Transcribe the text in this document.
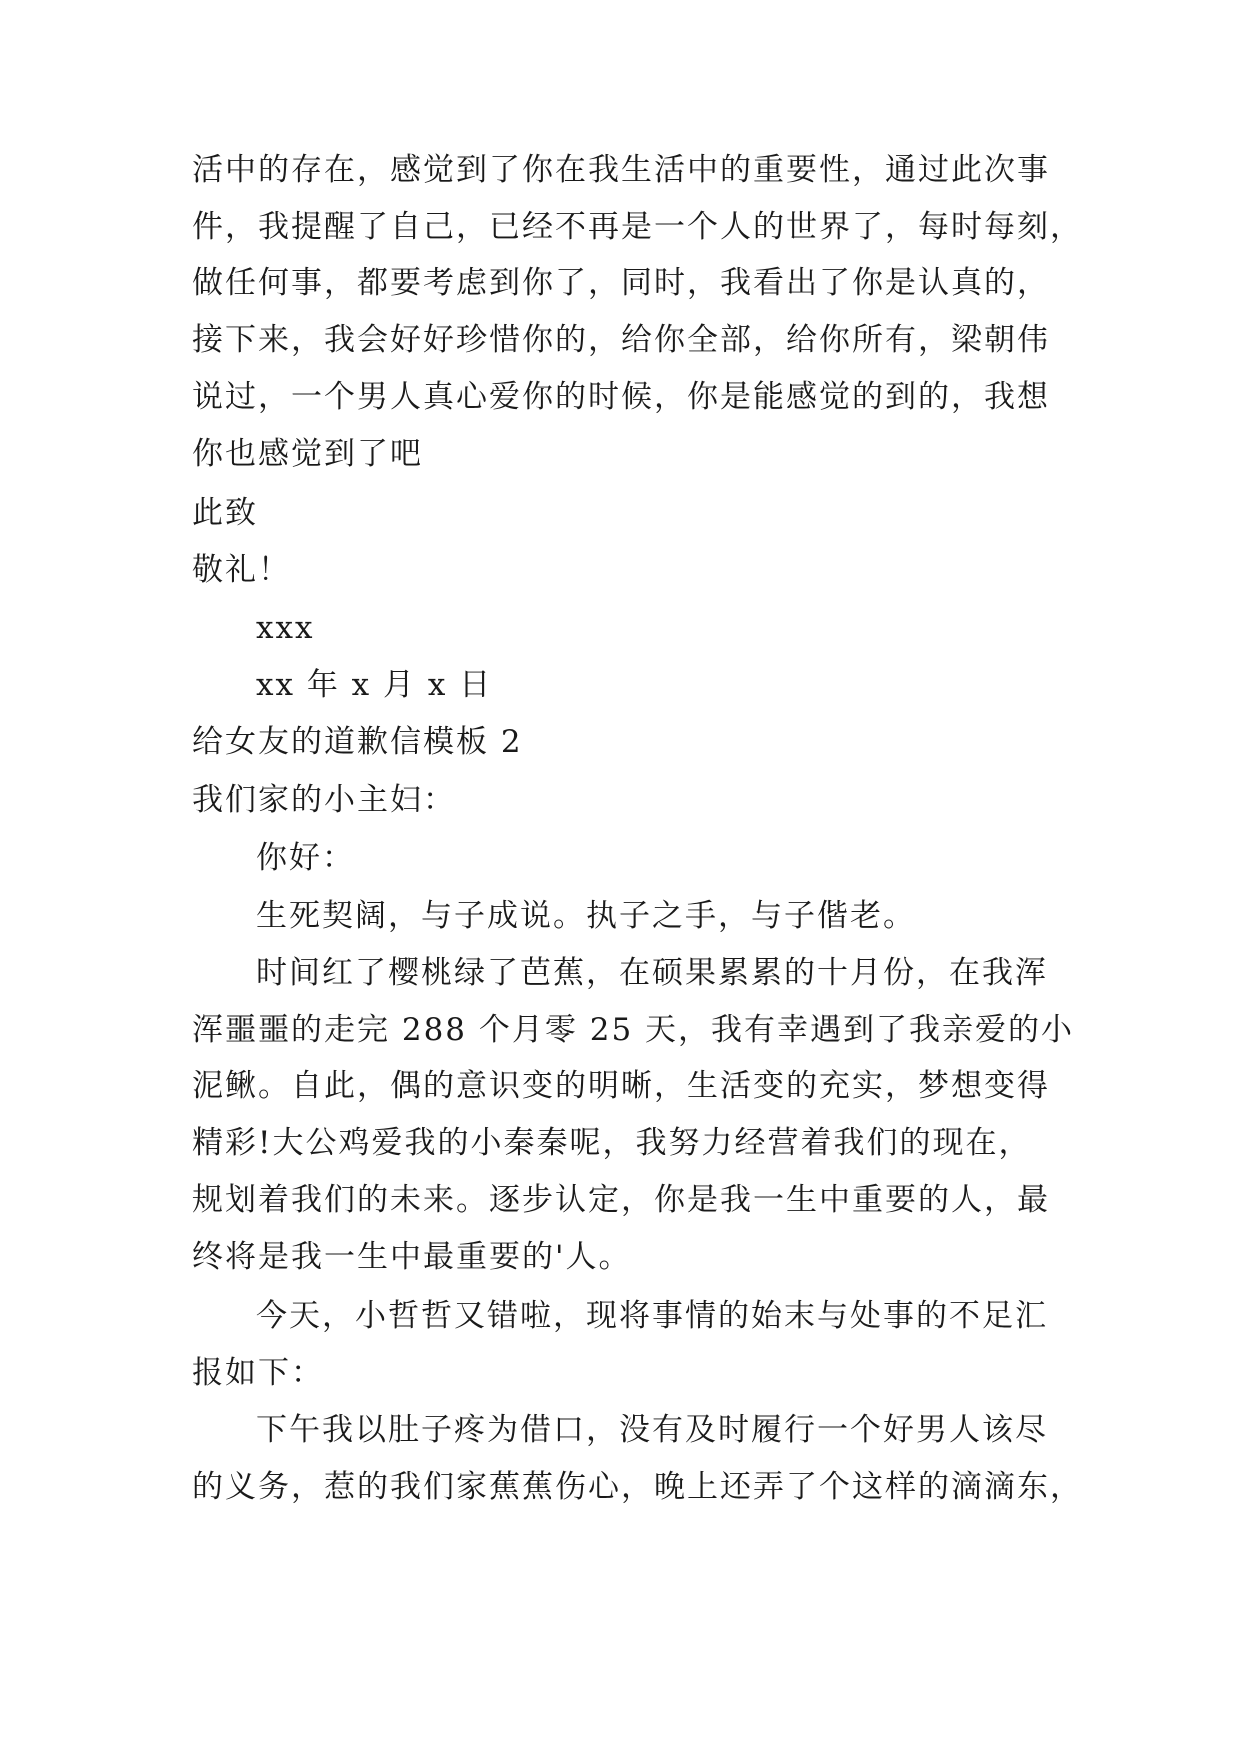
活中的存在，感觉到了你在我生活中的重要性，通过此次事
件，我提醒了自己，已经不再是一个人的世界了，每时每刻，
做任何事，都要考虑到你了，同时，我看出了你是认真的，
接下来，我会好好珍惜你的，给你全部，给你所有，梁朝伟
说过，一个男人真心爱你的时候，你是能感觉的到的，我想
你也感觉到了吧
此致
敬礼！
xxx
xx 年 x 月 x 日
给女友的道歉信模板 2
我们家的小主妇：
你好：
生死契阔，与子成说。执子之手，与子偕老。
时间红了樱桃绿了芭蕉，在硕果累累的十月份，在我浑
浑噩噩的走完 288 个月零 25 天，我有幸遇到了我亲爱的小
泥鳅。自此，偶的意识变的明晰，生活变的充实，梦想变得
精彩!大公鸡爱我的小秦秦呢，我努力经营着我们的现在，
规划着我们的未来。逐步认定，你是我一生中重要的人，最
终将是我一生中最重要的'人。
今天，小哲哲又错啦，现将事情的始末与处事的不足汇
报如下：
下午我以肚子疼为借口，没有及时履行一个好男人该尽
的义务，惹的我们家蕉蕉伤心，晚上还弄了个这样的滴滴东，
